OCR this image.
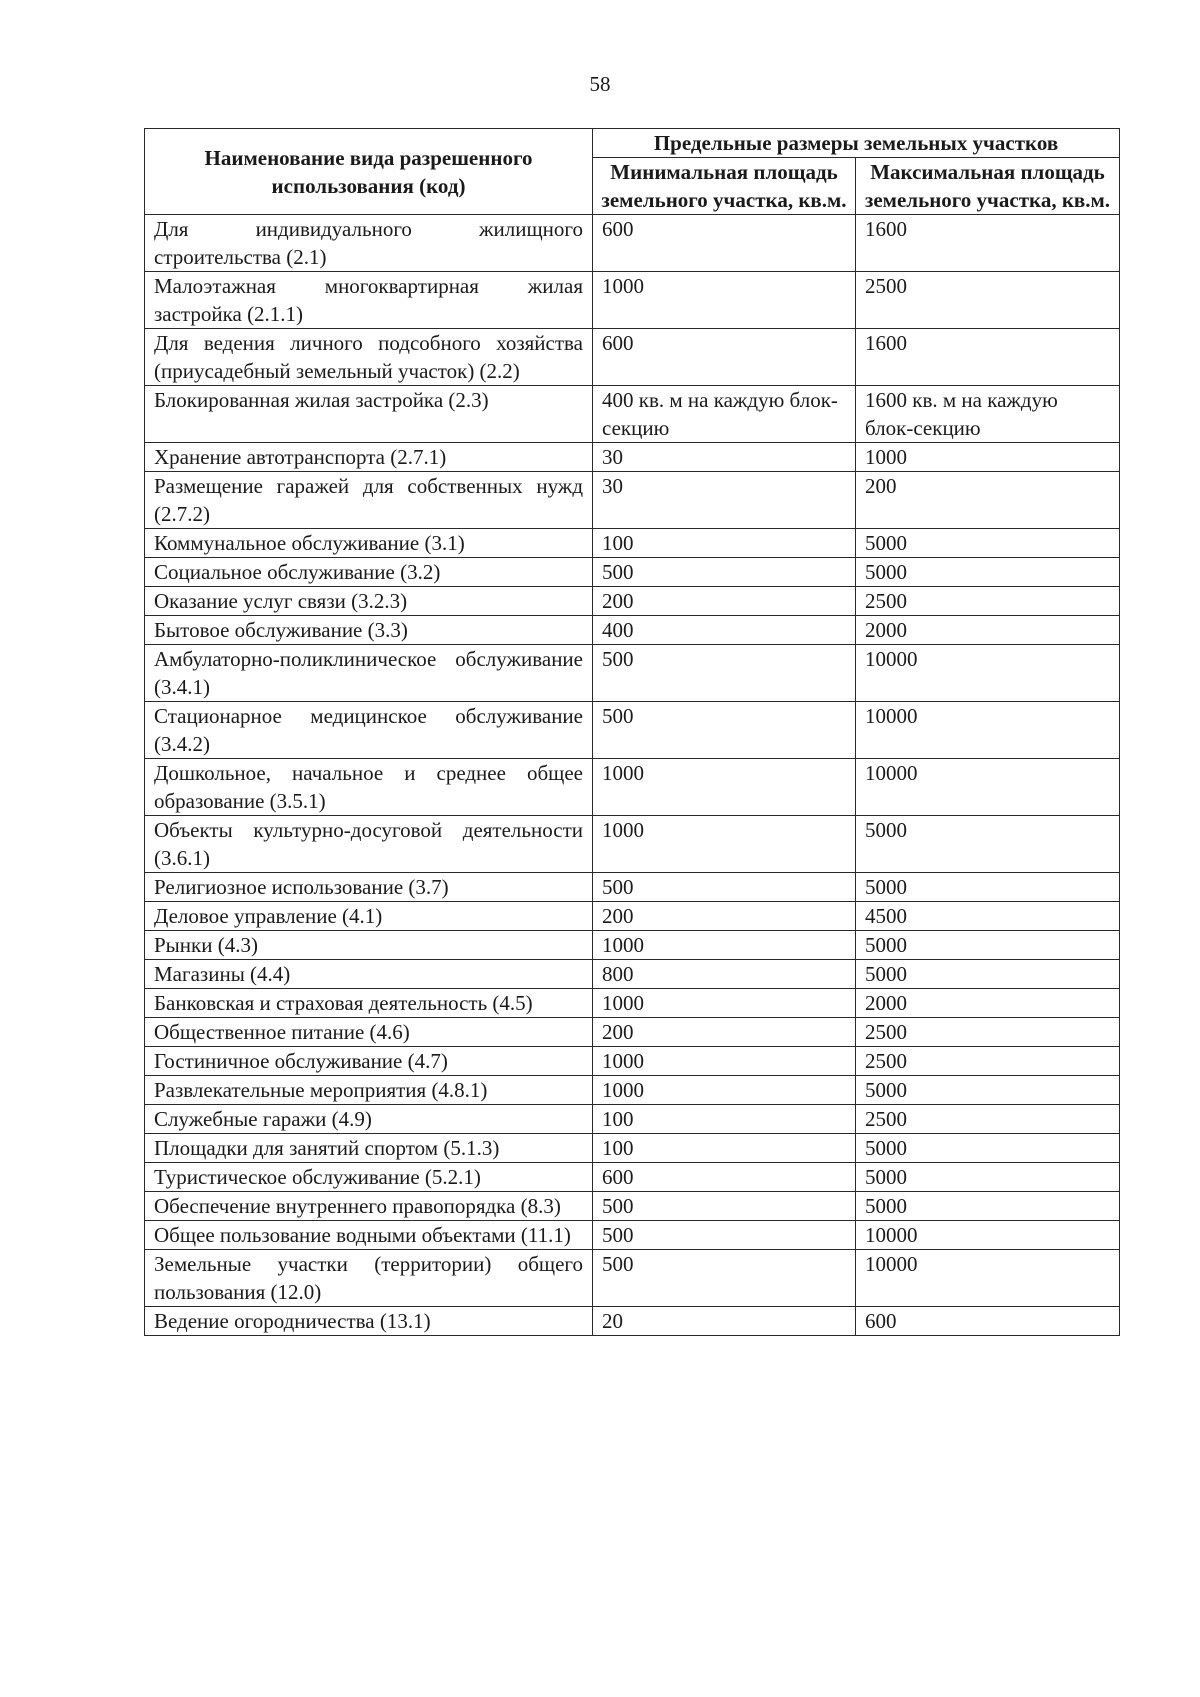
58
Наименование вида разрешенного использования (код)	Предельные размеры земельных участков	
	Минимальная площадь земельного участка, кв.м.	Максимальная площадь земельного участка, кв.м.
Для индивидуального жилищного строительства (2.1)	600	1600
Малоэтажная многоквартирная жилая застройка (2.1.1)	1000	2500
Для ведения личного подсобного хозяйства (приусадебный земельный участок) (2.2)	600	1600
Блокированная жилая застройка (2.3)	400 кв. м на каждую блок-секцию	1600 кв. м на каждую блок-секцию
Хранение автотранспорта (2.7.1)	30	1000
Размещение гаражей для собственных нужд (2.7.2)	30	200
Коммунальное обслуживание (3.1)	100	5000
Социальное обслуживание (3.2)	500	5000
Оказание услуг связи (3.2.3)	200	2500
Бытовое обслуживание (3.3)	400	2000
Амбулаторно-поликлиническое обслуживание (3.4.1)	500	10000
Стационарное медицинское обслуживание (3.4.2)	500	10000
Дошкольное, начальное и среднее общее образование (3.5.1)	1000	10000
Объекты культурно-досуговой деятельности (3.6.1)	1000	5000
Религиозное использование (3.7)	500	5000
Деловое управление (4.1)	200	4500
Рынки (4.3)	1000	5000
Магазины (4.4)	800	5000
Банковская и страховая деятельность (4.5)	1000	2000
Общественное питание (4.6)	200	2500
Гостиничное обслуживание (4.7)	1000	2500
Развлекательные мероприятия (4.8.1)	1000	5000
Служебные гаражи (4.9)	100	2500
Площадки для занятий спортом (5.1.3)	100	5000
Туристическое обслуживание (5.2.1)	600	5000
Обеспечение внутреннего правопорядка (8.3)	500	5000
Общее пользование водными объектами (11.1)	500	10000
Земельные участки (территории) общего пользования (12.0)	500	10000
Ведение огородничества (13.1)	20	600
